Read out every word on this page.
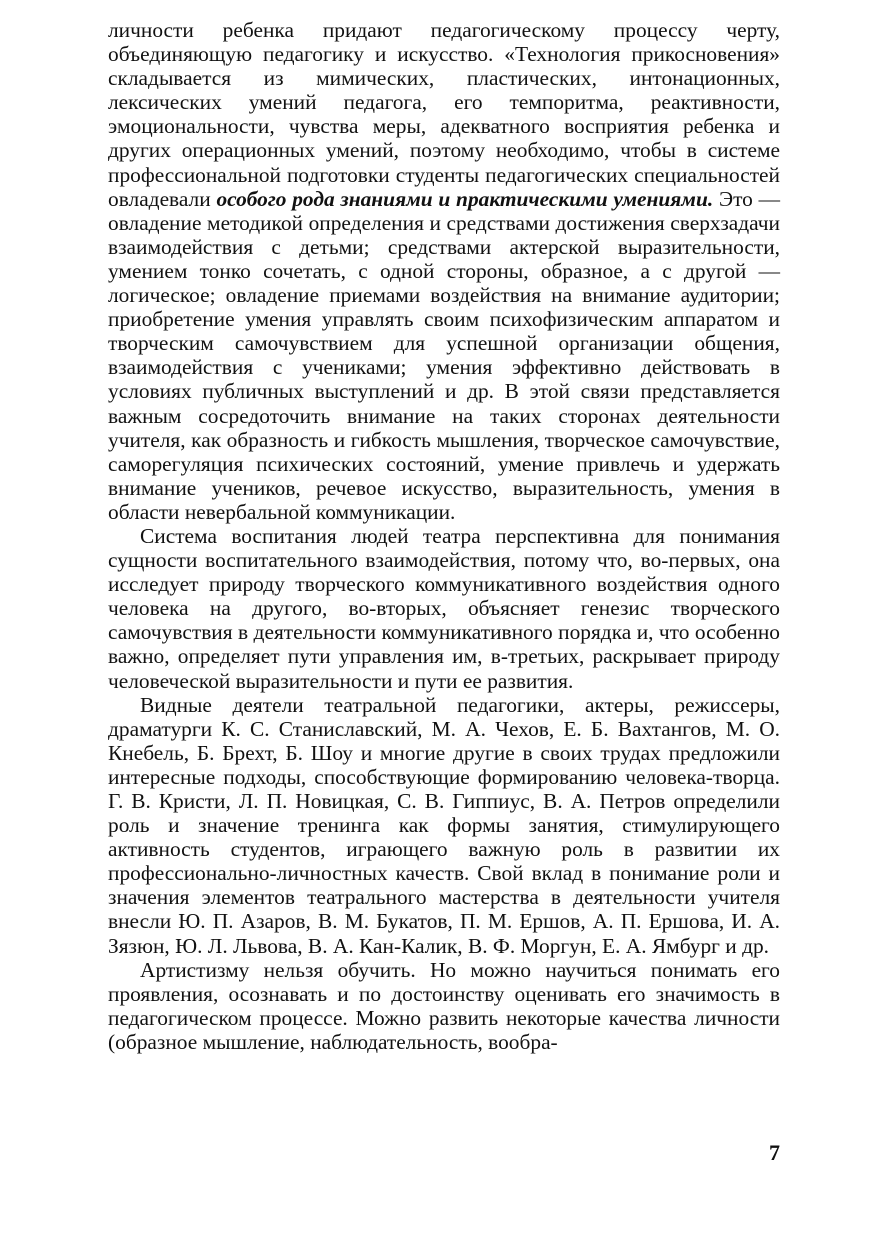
личности ребенка придают педагогическому процессу черту, объединяющую педагогику и искусство. «Технология прикосновения» складывается из мимических, пластических, интонационных, лексических умений педагога, его темпоритма, реактивности, эмоциональности, чувства меры, адекватного восприятия ребенка и других операционных умений, поэтому необходимо, чтобы в системе профессиональной подготовки студенты педагогических специальностей овладевали особого рода знаниями и практическими умениями. Это — овладение методикой определения и средствами достижения сверхзадачи взаимодействия с детьми; средствами актерской выразительности, умением тонко сочетать, с одной стороны, образное, а с другой — логическое; овладение приемами воздействия на внимание аудитории; приобретение умения управлять своим психофизическим аппаратом и творческим самочувствием для успешной организации общения, взаимодействия с учениками; умения эффективно действовать в условиях публичных выступлений и др. В этой связи представляется важным сосредоточить внимание на таких сторонах деятельности учителя, как образность и гибкость мышления, творческое самочувствие, саморегуляция психических состояний, умение привлечь и удержать внимание учеников, речевое искусство, выразительность, умения в области невербальной коммуникации.

Система воспитания людей театра перспективна для понимания сущности воспитательного взаимодействия, потому что, во-первых, она исследует природу творческого коммуникативного воздействия одного человека на другого, во-вторых, объясняет генезис творческого самочувствия в деятельности коммуникативного порядка и, что особенно важно, определяет пути управления им, в-третьих, раскрывает природу человеческой выразительности и пути ее развития.

Видные деятели театральной педагогики, актеры, режиссеры, драматурги К. С. Станиславский, М. А. Чехов, Е. Б. Вахтангов, М. О. Кнебель, Б. Брехт, Б. Шоу и многие другие в своих трудах предложили интересные подходы, способствующие формированию человека-творца. Г. В. Кристи, Л. П. Новицкая, С. В. Гиппиус, В. А. Петров определили роль и значение тренинга как формы занятия, стимулирующего активность студентов, играющего важную роль в развитии их профессионально-личностных качеств. Свой вклад в понимание роли и значения элементов театрального мастерства в деятельности учителя внесли Ю. П. Азаров, В. М. Букатов, П. М. Ершов, А. П. Ершова, И. А. Зязюн, Ю. Л. Львова, В. А. Кан-Калик, В. Ф. Моргун, Е. А. Ямбург и др.

Артистизму нельзя обучить. Но можно научиться понимать его проявления, осознавать и по достоинству оценивать его значимость в педагогическом процессе. Можно развить некоторые качества личности (образное мышление, наблюдательность, вообра-

7
